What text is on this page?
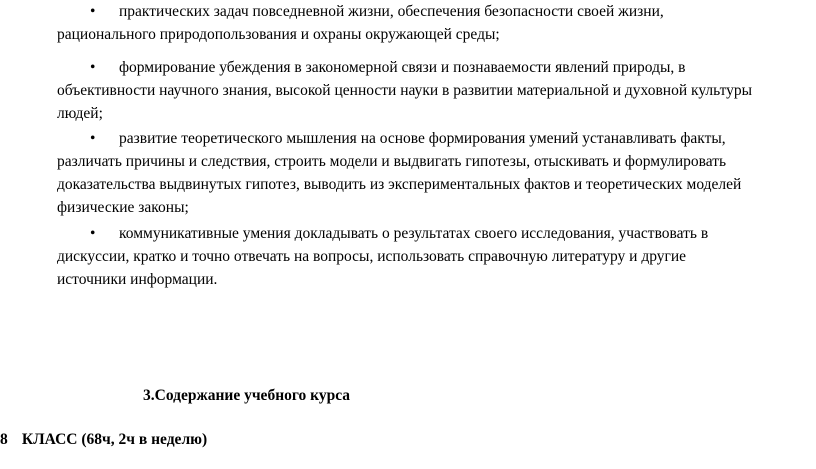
• практических задач повседневной жизни, обеспечения безопасности своей жизни,
рационального природопользования и охраны окружающей среды;
• формирование убеждения в закономерной связи и познаваемости явлений природы, в
объективности научного знания, высокой ценности науки в развитии материальной и духовной культуры
людей;
• развитие теоретического мышления на основе формирования умений устанавливать факты,
различать причины и следствия, строить модели и выдвигать гипотезы, отыскивать и формулировать
доказательства выдвинутых гипотез, выводить из экспериментальных фактов и теоретических моделей
физические законы;
• коммуникативные умения докладывать о результатах своего исследования, участвовать в
дискуссии, кратко и точно отвечать на вопросы, использовать справочную литературу и другие
источники информации.
3.Содержание учебного курса
8 КЛАСС (68ч, 2ч в неделю)
